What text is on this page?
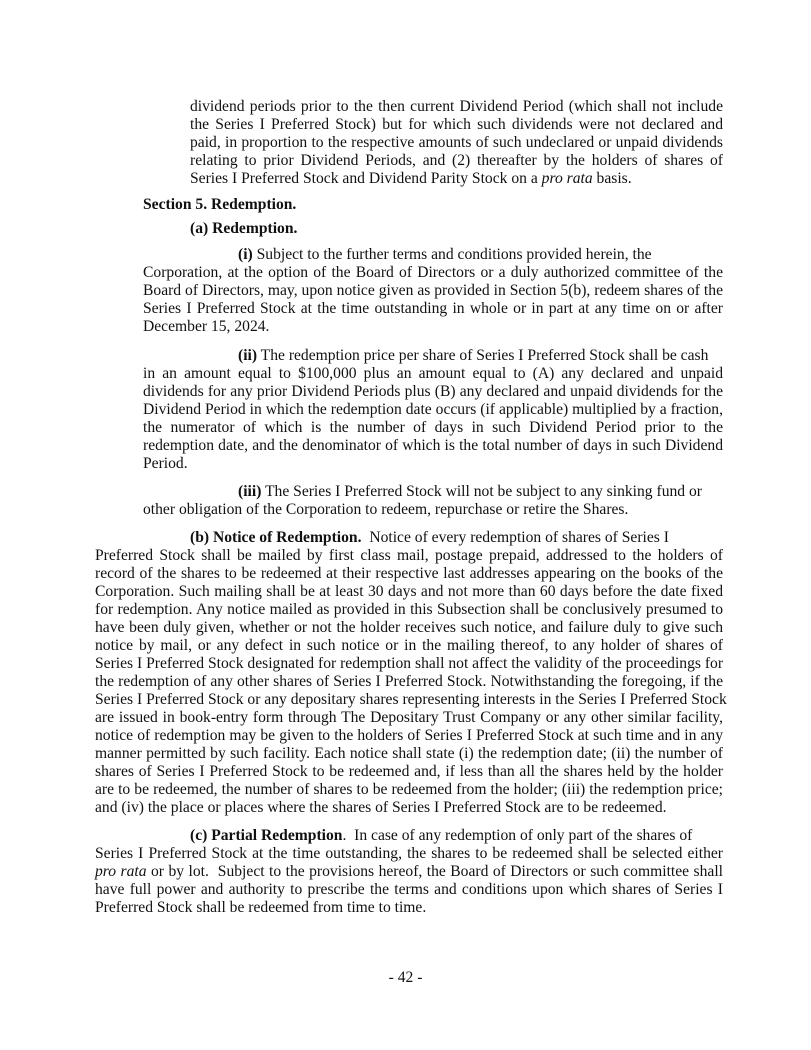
dividend periods prior to the then current Dividend Period (which shall not include
the Series I Preferred Stock) but for which such dividends were not declared and
paid, in proportion to the respective amounts of such undeclared or unpaid dividends
relating to prior Dividend Periods, and (2) thereafter by the holders of shares of
Series I Preferred Stock and Dividend Parity Stock on a pro rata basis.
Section 5. Redemption.
(a) Redemption.
(i) Subject to the further terms and conditions provided herein, the
Corporation, at the option of the Board of Directors or a duly authorized committee of the
Board of Directors, may, upon notice given as provided in Section 5(b), redeem shares of the
Series I Preferred Stock at the time outstanding in whole or in part at any time on or after
December 15, 2024.
(ii) The redemption price per share of Series I Preferred Stock shall be cash
in an amount equal to $100,000 plus an amount equal to (A) any declared and unpaid
dividends for any prior Dividend Periods plus (B) any declared and unpaid dividends for the
Dividend Period in which the redemption date occurs (if applicable) multiplied by a fraction,
the numerator of which is the number of days in such Dividend Period prior to the
redemption date, and the denominator of which is the total number of days in such Dividend
Period.
(iii) The Series I Preferred Stock will not be subject to any sinking fund or
other obligation of the Corporation to redeem, repurchase or retire the Shares.
(b) Notice of Redemption.  Notice of every redemption of shares of Series I
Preferred Stock shall be mailed by first class mail, postage prepaid, addressed to the holders of
record of the shares to be redeemed at their respective last addresses appearing on the books of the
Corporation. Such mailing shall be at least 30 days and not more than 60 days before the date fixed
for redemption. Any notice mailed as provided in this Subsection shall be conclusively presumed to
have been duly given, whether or not the holder receives such notice, and failure duly to give such
notice by mail, or any defect in such notice or in the mailing thereof, to any holder of shares of
Series I Preferred Stock designated for redemption shall not affect the validity of the proceedings for
the redemption of any other shares of Series I Preferred Stock. Notwithstanding the foregoing, if the
Series I Preferred Stock or any depositary shares representing interests in the Series I Preferred Stock
are issued in book-entry form through The Depositary Trust Company or any other similar facility,
notice of redemption may be given to the holders of Series I Preferred Stock at such time and in any
manner permitted by such facility. Each notice shall state (i) the redemption date; (ii) the number of
shares of Series I Preferred Stock to be redeemed and, if less than all the shares held by the holder
are to be redeemed, the number of shares to be redeemed from the holder; (iii) the redemption price;
and (iv) the place or places where the shares of Series I Preferred Stock are to be redeemed.
(c) Partial Redemption.  In case of any redemption of only part of the shares of
Series I Preferred Stock at the time outstanding, the shares to be redeemed shall be selected either
pro rata or by lot.  Subject to the provisions hereof, the Board of Directors or such committee shall
have full power and authority to prescribe the terms and conditions upon which shares of Series I
Preferred Stock shall be redeemed from time to time.
- 42 -
